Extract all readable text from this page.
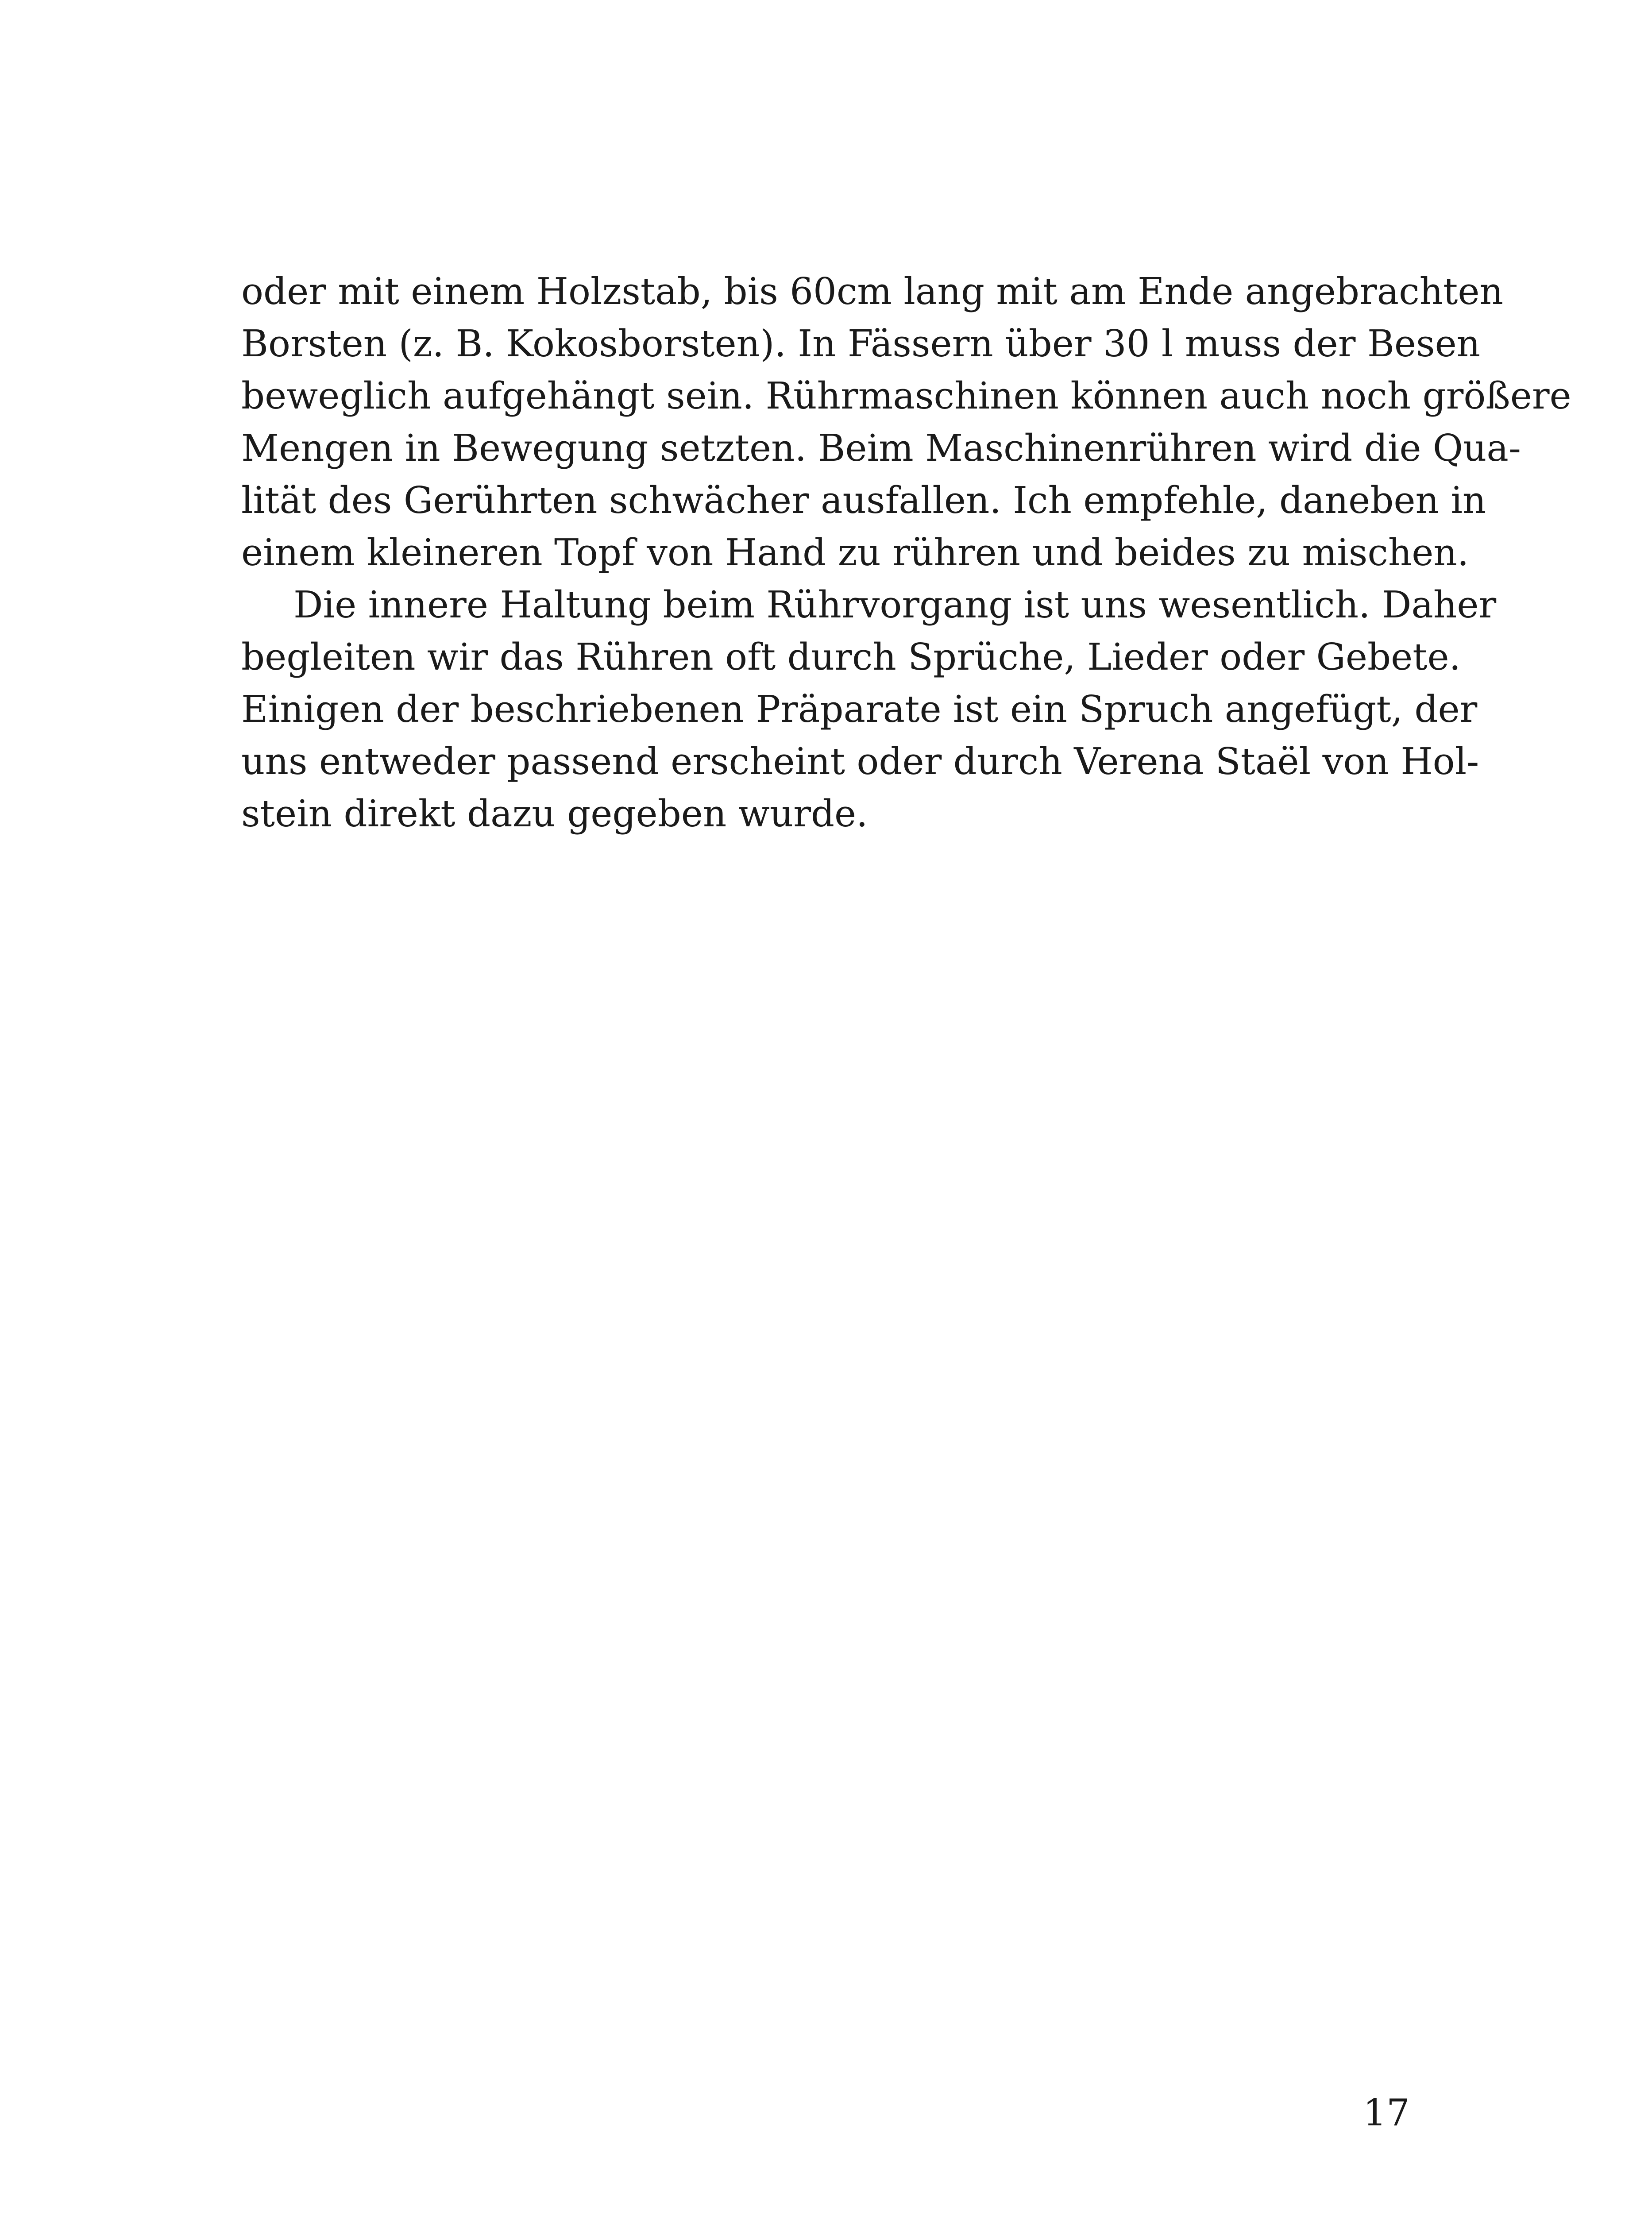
oder mit einem Holzstab, bis 60cm lang mit am Ende angebrachten
Borsten (z. B. Kokosborsten). In Fässern über 30 l muss der Besen
beweglich aufgehängt sein. Rührmaschinen können auch noch größere
Mengen in Bewegung setzten. Beim Maschinenrühren wird die Qua-
lität des Gerührten schwächer ausfallen. Ich empfehle, daneben in
einem kleineren Topf von Hand zu rühren und beides zu mischen.
Die innere Haltung beim Rührvorgang ist uns wesentlich. Daher
begleiten wir das Rühren oft durch Sprüche, Lieder oder Gebete.
Einigen der beschriebenen Präparate ist ein Spruch angefügt, der
uns entweder passend erscheint oder durch Verena Staël von Hol-
stein direkt dazu gegeben wurde.
17
